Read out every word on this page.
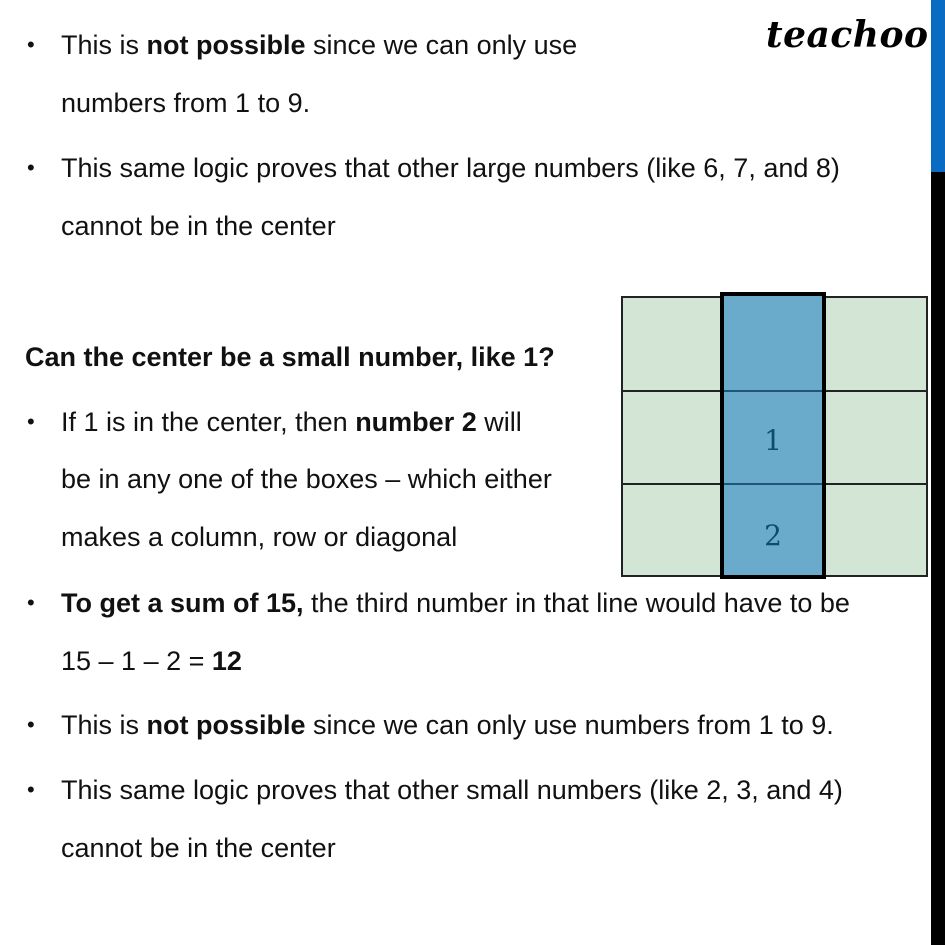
teachoo
• This is not possible since we can only use
numbers from 1 to 9.
• This same logic proves that other large numbers (like 6, 7, and 8)
cannot be in the center
Can the center be a small number, like 1?
• If 1 is in the center, then number 2 will
be in any one of the boxes – which either
makes a column, row or diagonal
• To get a sum of 15, the third number in that line would have to be
15 – 1 – 2 = 12
• This is not possible since we can only use numbers from 1 to 9.
• This same logic proves that other small numbers (like 2, 3, and 4)
cannot be in the center
1
2
